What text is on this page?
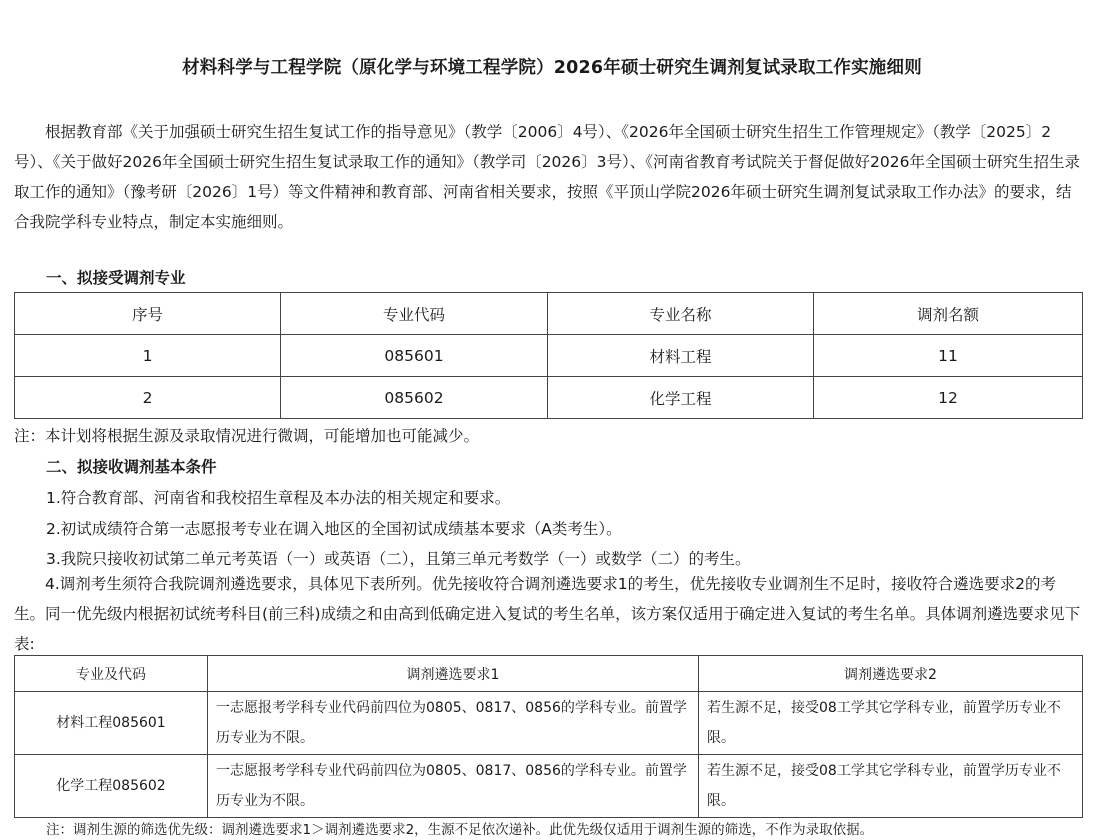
材料科学与工程学院（原化学与环境工程学院）2026年硕士研究生调剂复试录取工作实施细则
根据教育部《关于加强硕士研究生招生复试工作的指导意见》（教学〔2006〕4号）、《2026年全国硕士研究生招生工作管理规定》（教学〔2025〕2号）、《关于做好2026年全国硕士研究生招生复试录取工作的通知》（教学司〔2026〕3号）、《河南省教育考试院关于督促做好2026年全国硕士研究生招生录取工作的通知》（豫考研〔2026〕1号）等文件精神和教育部、河南省相关要求，按照《平顶山学院2026年硕士研究生调剂复试录取工作办法》的要求，结合我院学科专业特点，制定本实施细则。
一、拟接受调剂专业
序号	专业代码	专业名称	调剂名额
1	085601	材料工程	11
2	085602	化学工程	12
注：本计划将根据生源及录取情况进行微调，可能增加也可能减少。
二、拟接收调剂基本条件
1.符合教育部、河南省和我校招生章程及本办法的相关规定和要求。
2.初试成绩符合第一志愿报考专业在调入地区的全国初试成绩基本要求（A类考生）。
3.我院只接收初试第二单元考英语（一）或英语（二），且第三单元考数学（一）或数学（二）的考生。
4.调剂考生须符合我院调剂遴选要求，具体见下表所列。优先接收符合调剂遴选要求1的考生，优先接收专业调剂生不足时，接收符合遴选要求2的考生。同一优先级内根据初试统考科目(前三科)成绩之和由高到低确定进入复试的考生名单，该方案仅适用于确定进入复试的考生名单。具体调剂遴选要求见下表:
专业及代码	调剂遴选要求1	调剂遴选要求2
材料工程085601	一志愿报考学科专业代码前四位为0805、0817、0856的学科专业。前置学历专业为不限。	若生源不足，接受08工学其它学科专业，前置学历专业不限。
化学工程085602	一志愿报考学科专业代码前四位为0805、0817、0856的学科专业。前置学历专业为不限。	若生源不足，接受08工学其它学科专业，前置学历专业不限。
注：调剂生源的筛选优先级：调剂遴选要求1＞调剂遴选要求2，生源不足依次递补。此优先级仅适用于调剂生源的筛选，不作为录取依据。
